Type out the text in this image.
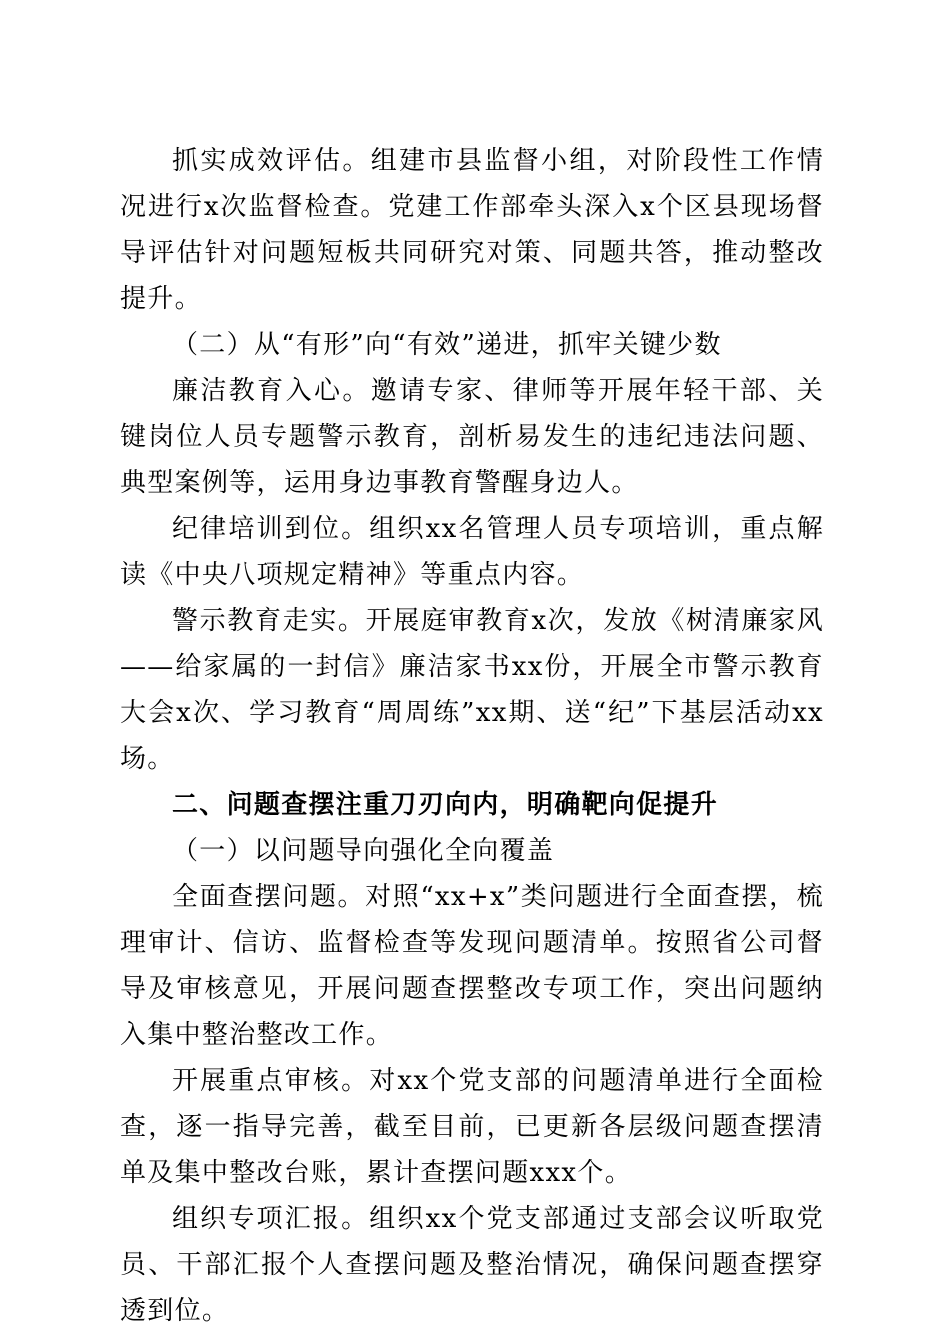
抓实成效评估。组建市县监督小组，对阶段性工作情况进行x次监督检查。党建工作部牵头深入x个区县现场督导评估针对问题短板共同研究对策、同题共答，推动整改提升。

（二）从“有形”向“有效”递进，抓牢关键少数

廉洁教育入心。邀请专家、律师等开展年轻干部、关键岗位人员专题警示教育，剖析易发生的违纪违法问题、典型案例等，运用身边事教育警醒身边人。

纪律培训到位。组织xx名管理人员专项培训，重点解读《中央八项规定精神》等重点内容。

警示教育走实。开展庭审教育x次，发放《树清廉家风——给家属的一封信》廉洁家书xx份，开展全市警示教育大会x次、学习教育“周周练”xx期、送“纪”下基层活动xx场。

二、问题查摆注重刀刃向内，明确靶向促提升

（一）以问题导向强化全向覆盖

全面查摆问题。对照“xx+x”类问题进行全面查摆，梳理审计、信访、监督检查等发现问题清单。按照省公司督导及审核意见，开展问题查摆整改专项工作，突出问题纳入集中整治整改工作。

开展重点审核。对xx个党支部的问题清单进行全面检查，逐一指导完善，截至目前，已更新各层级问题查摆清单及集中整改台账，累计查摆问题xxx个。

组织专项汇报。组织xx个党支部通过支部会议听取党员、干部汇报个人查摆问题及整治情况，确保问题查摆穿透到位。
